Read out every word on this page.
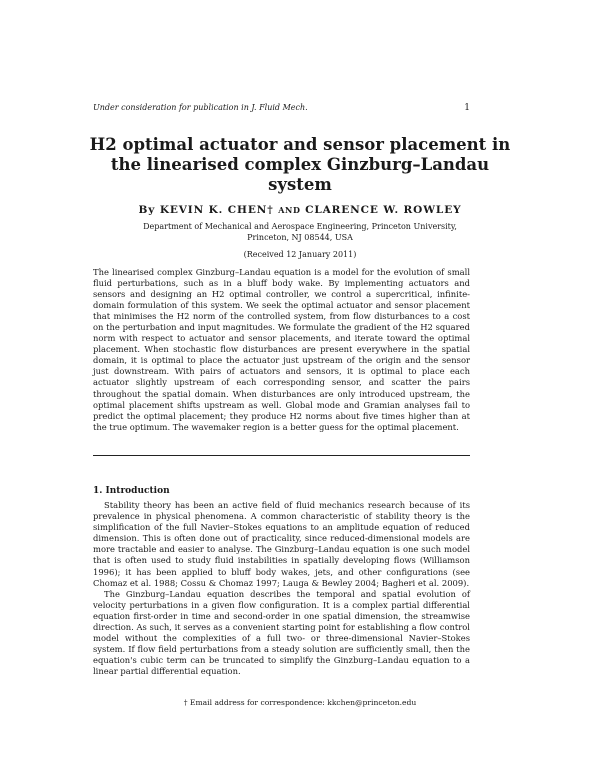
Under consideration for publication in J. Fluid Mech.	1
H2 optimal actuator and sensor placement in the linearised complex Ginzburg–Landau system
By KEVIN K. CHEN† AND CLARENCE W. ROWLEY
Department of Mechanical and Aerospace Engineering, Princeton University, Princeton, NJ 08544, USA
(Received 12 January 2011)
The linearised complex Ginzburg–Landau equation is a model for the evolution of small fluid perturbations, such as in a bluff body wake. By implementing actuators and sensors and designing an H2 optimal controller, we control a supercritical, infinite-domain formulation of this system. We seek the optimal actuator and sensor placement that minimises the H2 norm of the controlled system, from flow disturbances to a cost on the perturbation and input magnitudes. We formulate the gradient of the H2 squared norm with respect to actuator and sensor placements, and iterate toward the optimal placement. When stochastic flow disturbances are present everywhere in the spatial domain, it is optimal to place the actuator just upstream of the origin and the sensor just downstream. With pairs of actuators and sensors, it is optimal to place each actuator slightly upstream of each corresponding sensor, and scatter the pairs throughout the spatial domain. When disturbances are only introduced upstream, the optimal placement shifts upstream as well. Global mode and Gramian analyses fail to predict the optimal placement; they produce H2 norms about five times higher than at the true optimum. The wavemaker region is a better guess for the optimal placement.
1. Introduction

Stability theory has been an active field of fluid mechanics research because of its prevalence in physical phenomena. A common characteristic of stability theory is the simplification of the full Navier–Stokes equations to an amplitude equation of reduced dimension. This is often done out of practicality, since reduced-dimensional models are more tractable and easier to analyse. The Ginzburg–Landau equation is one such model that is often used to study fluid instabilities in spatially developing flows (Williamson 1996); it has been applied to bluff body wakes, jets, and other configurations (see Chomaz et al. 1988; Cossu & Chomaz 1997; Lauga & Bewley 2004; Bagheri et al. 2009).

The Ginzburg–Landau equation describes the temporal and spatial evolution of velocity perturbations in a given flow configuration. It is a complex partial differential equation first-order in time and second-order in one spatial dimension, the streamwise direction. As such, it serves as a convenient starting point for establishing a flow control model without the complexities of a full two- or three-dimensional Navier–Stokes system. If flow field perturbations from a steady solution are sufficiently small, then the equation's cubic term can be truncated to simplify the Ginzburg–Landau equation to a linear partial differential equation.

† Email address for correspondence: kkchen@princeton.edu
